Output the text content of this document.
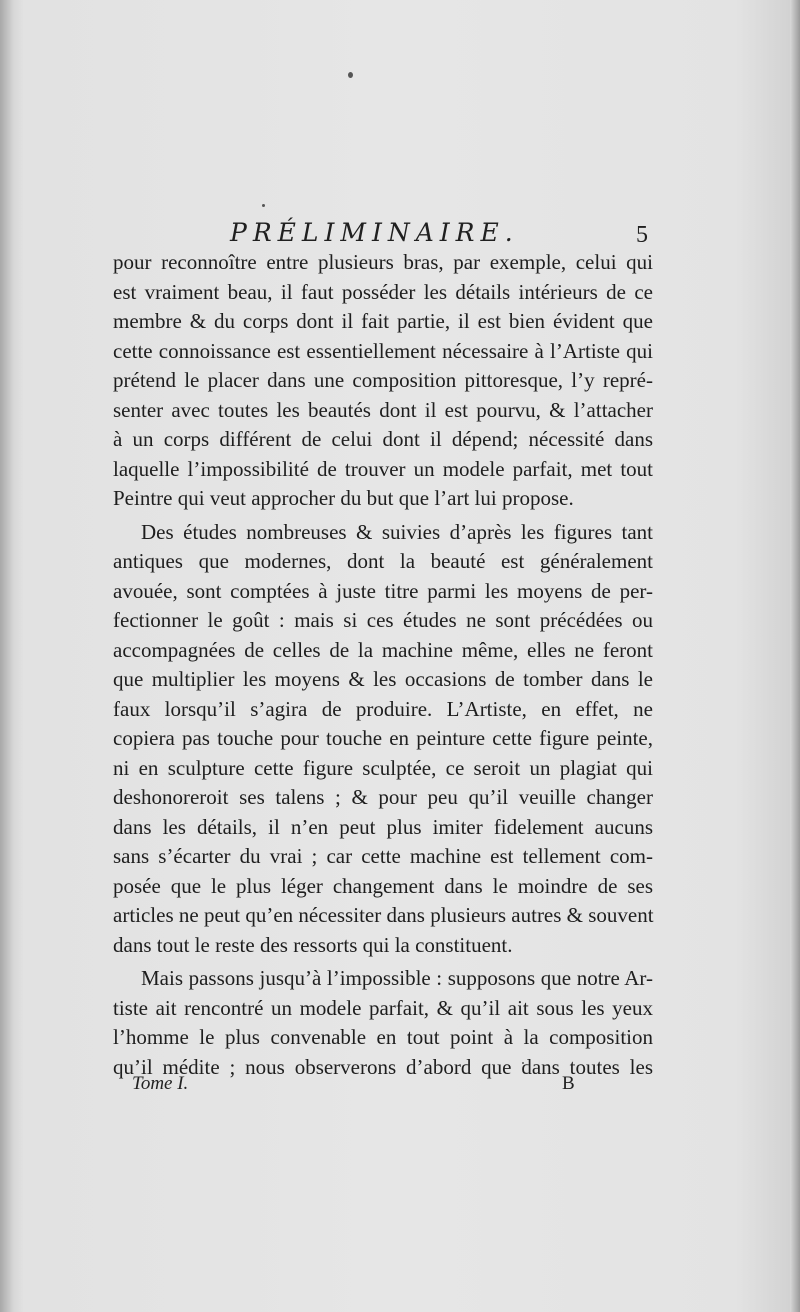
PRÉLIMINAIRE.	5
pour reconnoître entre plusieurs bras, par exemple, celui qui
est vraiment beau, il faut posséder les détails intérieurs de ce
membre & du corps dont il fait partie, il est bien évident que
cette connoissance est essentiellement nécessaire à l’Artiste qui
prétend le placer dans une composition pittoresque, l’y repré-
senter avec toutes les beautés dont il est pourvu, & l’attacher
à un corps différent de celui dont il dépend; nécessité dans
laquelle l’impossibilité de trouver un modele parfait, met tout
Peintre qui veut approcher du but que l’art lui propose.
Des études nombreuses & suivies d’après les figures tant
antiques que modernes, dont la beauté est généralement
avouée, sont comptées à juste titre parmi les moyens de per-
fectionner le goût : mais si ces études ne sont précédées ou
accompagnées de celles de la machine même, elles ne feront
que multiplier les moyens & les occasions de tomber dans le
faux lorsqu’il s’agira de produire. L’Artiste, en effet, ne
copiera pas touche pour touche en peinture cette figure peinte,
ni en sculpture cette figure sculptée, ce seroit un plagiat qui
deshonoreroit ses talens ; & pour peu qu’il veuille changer
dans les détails, il n’en peut plus imiter fidelement aucuns
sans s’écarter du vrai ; car cette machine est tellement com-
posée que le plus léger changement dans le moindre de ses
articles ne peut qu’en nécessiter dans plusieurs autres & souvent
dans tout le reste des ressorts qui la constituent.
Mais passons jusqu’à l’impossible : supposons que notre Ar-
tiste ait rencontré un modele parfait, & qu’il ait sous les yeux
l’homme le plus convenable en tout point à la composition
qu’il médite ; nous observerons d’abord que dans toutes les
Tome I.	B
